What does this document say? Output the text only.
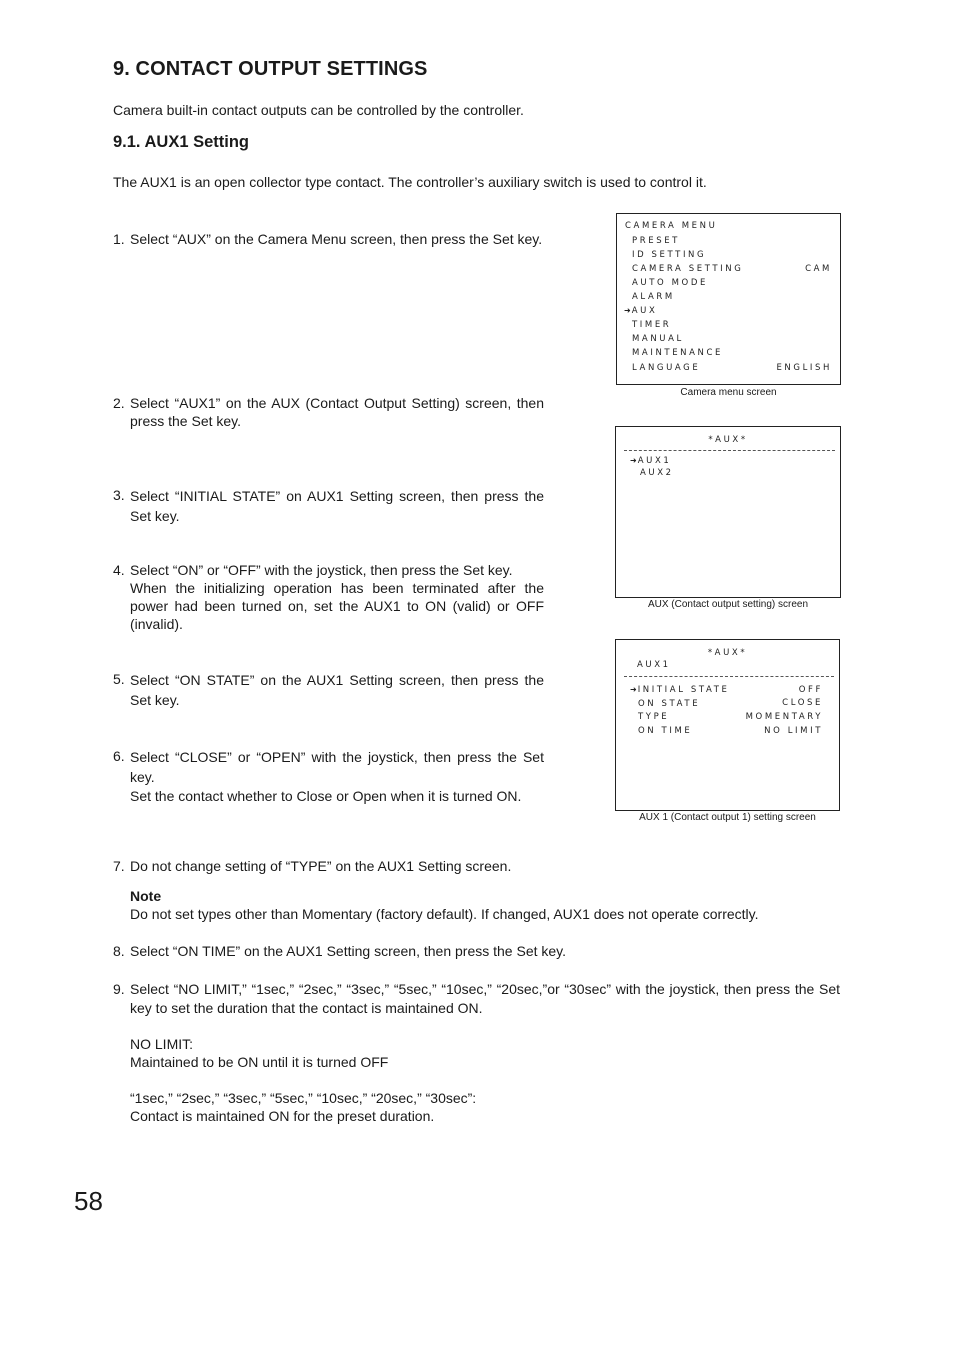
9. CONTACT OUTPUT SETTINGS

Camera built-in contact outputs can be controlled by the controller.

9.1. AUX1 Setting

The AUX1 is an open collector type contact. The controller’s auxiliary switch is used to control it.

1. Select “AUX” on the Camera Menu screen, then press the Set key.

2. Select “AUX1” on the AUX (Contact Output Setting) screen, then press the Set key.

3. Select “INITIAL STATE” on AUX1 Setting screen, then press the Set key.

4. Select “ON” or “OFF” with the joystick, then press the Set key.

When the initializing operation has been terminated after the power had been turned on, set the AUX1 to ON (valid) or OFF (invalid).

5. Select “ON STATE” on the AUX1 Setting screen, then press the Set key.

6. Select “CLOSE” or “OPEN” with the joystick, then press the Set key.

Set the contact whether to Close or Open when it is turned ON.

7. Do not change setting of “TYPE” on the AUX1 Setting screen.

Note

Do not set types other than Momentary (factory default). If changed, AUX1 does not operate correctly.

8. Select “ON TIME” on the AUX1 Setting screen, then press the Set key.

9. Select “NO LIMIT,” “1sec,” “2sec,” “3sec,” “5sec,” “10sec,” “20sec,”or “30sec” with the joystick, then press the Set key to set the duration that the contact is maintained ON.

NO LIMIT:

Maintained to be ON until it is turned OFF

“1sec,” “2sec,” “3sec,” “5sec,” “10sec,” “20sec,” “30sec”:

Contact is maintained ON for the preset duration.

CAMERA MENU
PRESET
ID SETTING
CAMERA SETTING	CAM
AUTO MODE
ALARM
➜AUX
TIMER
MANUAL
MAINTENANCE
LANGUAGE	ENGLISH
Camera menu screen
*AUX*
➜AUX1
AUX2
AUX (Contact output setting) screen
*AUX*
AUX1
➜INITIAL STATE	OFF
ON STATE	CLOSE
TYPE	MOMENTARY
ON TIME	NO LIMIT
AUX 1 (Contact output 1) setting screen
58
